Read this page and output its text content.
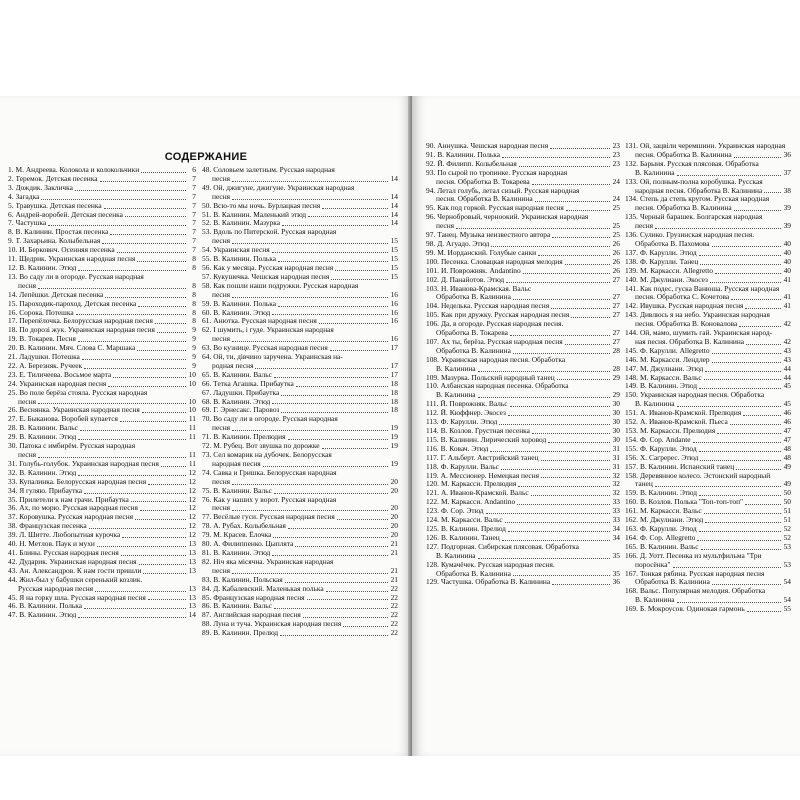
СОДЕРЖАНИЕ
1. М. Андреева. Колокола и колокольчики	6
2. Теремок. Детская песенка	7
3. Дождик. Закличка	7
4. Загадка	7
5. Травушка. Детская песенка	7
6. Андрей-воробей. Детская песенка	7
7. Частушка	7
8. В. Калинин. Простая песенка	7
9. Т. Захарьина. Колыбельная	7
10. И. Берковнч. Осенняя песенка	7
11. Щедрик. Украинская народная песня	8
12. В. Калинин. Этюд	8
13. Во саду ли в огороде. Русская народная
песня	8
14. Лепёшки. Детская песенка	8
15. Пароходик-пароход. Детская песенка	8
16. Сорока. Потешка	8
17. Перепёлочка. Белорусская народная песня	8
18. По дорозі жук. Украинская народная песня	9
19. В. Токарев. Песня	9
20. В. Калинин. Мяч. Слова С. Маршака	9
21. Ладушки. Потешка	9
22. А. Березняк. Ручеек	9
23. Е. Тиличеева. Восьмое марта	10
24. Украинская народная песня	10
25. Во поле берёза стояла. Русская народная
песня	10
26. Веснянка. Украинская народная песня	10
27. Е. Быканова. Воробей купается	11
28. В. Калинин. Вальс	11
29. В. Калинин. Этюд	11
30. Патока с имбирём. Русская народная
песня	11
31. Голубь-голубок. Украинская народная песня	11
32. В. Калинин. Этюд	12
33. Купалинка. Белорусская народная песня	12
34. Я гуляю. Прибаутка	12
35. Прилетели к нам грачи. Прибаутка	12
36. Ах, по морю. Русская народная песня	12
37. Коровушка. Русская народная песня	12
38. Французская песенка	12
39. Л. Шитте. Любопытная курочка	12
40. Н. Метлов. Паук и мухи	13
41. Блины. Русская народная песня	13
42. Дударик. Украинская народная песня	13
43. Ан. Александров. К нам гости пришли	13
44. Жил-был у бабушки серенький козлик.
Русская народная песня	13
45. Я на горку шла. Русская народная песня	13
46. В. Калинин. Полька	13
47. В. Калинин. Этюд	14
48. Соловьем залетным. Русская народная
песня	14
49. Ой, джигуне, джигуне. Украинская народная
песня	14
50. Всю-то мы ночь. Бурлацкая песня	14
51. В. Калинин. Маленький этюд	14
52. В. Калинин. Мазурка	14
53. Вдоль по Питерской. Русская народная
песня	15
54. Украинская песня	15
55. В. Калинин. Полька	15
56. Как у месяца. Русская народная песня	15
57. Кукушечка. Чешская народная песня	15
58. Как пошли наши подружки. Русская народная
песня	16
59. В. Калинин. Полька	16
60. В. Калинин. Этюд	16
61. Анютка. Русская народная песня	16
62. І шумить, і гуде. Украинская народная
песня	16
63. Во кузнице. Русская народная песня	17
64. Ой, ти, дівчино заручена. Украинская на-
родная песня	17
65. В. Калинин. Вальс	17
66. Тетка Агашка. Прибаутка	18
67. Ладушки. Прибаутка	18
68. В. Калинин. Этюд	18
69. Г. Эрнесакс. Паровоз	18
70. Во саду ли в огороде. Русская народная
песня	19
71. В. Калинин. Прелюдия	19
72. М. Рубец. Вот звушка по дорожке	19
73. Сел комарик на дубочек. Белорусская
народная песня	19
74. Савка и Гришка. Белорусская народная
песня	20
75. В. Калинин. Вальс	20
76. Как у наших у ворот. Русская народная
песня	20
77. Весёлые гуси. Русская народная песня	20
78. А. Рубах. Колыбельная	20
79. М. Красев. Ёлочка	20
80. А. Филиппенко. Цыплята	21
81. В. Калинин. Этюд	21
82. Ніч яка місячна. Украинская народная
песня	21
83. В. Калинин. Польская	21
84. Д. Кабалевский. Маленькая полька	22
85. Французская народная песня	22
86. В. Калинин. Вальс	22
87. Английская народная песня	22
88. Луна и туча. Украинская народная песня	22
89. В. Калинин. Прелюд	22
90. Аннушка. Чешская народная песня	23
91. В. Калинин. Полька	23
92. Й. Филипп. Колыбельная	23
93. По сырой по тропинке. Русская народная
песня. Обработка В. Токарева	24
94. Летал голубь, летал сизый. Русская народная
песня. Обработка В. Калинина	24
95. Как под горкой. Русская народная песня	25
96. Чернобровый, черноокий. Украинская народная
песня	25
97. Танец. Музыка неизвестного автора	25
98. Д. Агуадо. Этюд	26
99. М. Иорданский. Голубые санки	26
100. Песенка. Словацкая народная мелодия	26
101. И. Поврожняк. Andantino	26
102. Д. Панайотов. Этюд	27
103. Н. Иванова-Крамская. Вальс
Обработка В. Калинина	27
104. Неделька. Русская народная песня	27
105. Как при дружку. Русская народная песня	27
106. Да, в огороде. Русская народная песня.
Обработка В. Токарева	27
107. Ах ты, берёза. Русская народная песня	27
Обработка В. Калинина	28
108. Украинская народная песня. Обработка
В. Калинина	28
109. Мазурка. Польский народный танец	29
110. Албанская народная песенка. Обработка
В. Калинина	29
111. Й. Поврожняк. Вальс	30
112. Й. Кюффнер. Экосез	30
113. Ф. Карулли. Этюд	30
114. В. Козлов. Грустная песенка	30
115. В. Калинин. Лирический хоровод	30
116. В. Ковач. Этюд	31
117. Г. Альберт. Австрийский танец	31
118. Ф. Карулли. Вальс	31
119. А. Мессионер. Немецкая песня	32
120. М. Каркасси. Прелюдия	32
121. А. Иванов-Крамской. Вальс	32
122. М. Каркасси. Andantino	33
123. Ф. Сор. Этюд	33
124. М. Каркасси. Вальс	33
125. В. Калинин. Прелюд	34
126. В. Калинин. Танец	34
127. Подгорная. Сибирская плясовая. Обработка
В. Калинина	35
128. Кумачёчек. Русская народная песня.
Обработка В. Калинина	35
129. Частушка. Обработка В. Калинина	36
131. Ой, зацвіли черемшини. Украинская народная
песня. Обработка В. Калинина	36
132. Барыня. Русская плясовая. Обработка
В. Калинина	37
133. Ой, полным-полна коробушка. Русская
народная песня. Обработка В. Калинина	38
134. Степь да степь кругом. Русская народная
песня. Обработка В. Калинина	39
135. Черный барашек. Болгарская народная
песня	39
136. Сулико. Грузинская народная песня.
Обработка В. Пахомова	40
137. Ф. Карулли. Этюд	40
138. Ф. Карулли. Танец	40
139. М. Каркасси. Allegretto	40
140. М. Джулиани. Экосез	41
141. Как подес, гуска Ванюша. Русская народная
песня. Обработка С. Кочетова	41
142. Ивушка. Русская народная песня	41
143. Дивлюсь я на небо. Украинская народная
песня. Обработка В. Коновалова	42
144. Ой, мамо, шумить гай. Украинская народ-
ная песня. Обработка В. Калинина	42
145. Ф. Карулли. Allegretto	43
146. М. Каркасси. Лендлер	43
147. М. Джулиани. Этюд	44
148. М. Каркасси. Вальс	44
149. В. Калинин. Этюд	45
150. Украинская народная песня. Обработка
В. Калинина	45
151. А. Иванов-Крамской. Прелюдия	46
152. А. Иванов-Крамской. Пьеса	46
153. М. Каркасси. Прелюдия	47
154. Ф. Сор. Andante	47
155. Ф. Карулли. Этюд	48
156. Х. Сагререс. Этюд	48
157. В. Калинин. Испанский танец	49
158. Деревянное колесо. Эстонский народный
танец	49
159. В. Калинин. Этюд	50
160. В. Козлов. Полька "Топ-топ-топ"	50
161. М. Каркасси. Вальс	51
162. М. Джулиани. Этюд	51
163. Ф. Карулли. Этюд	52
164. Ф. Сор. Allegretto	52
165. В. Калинин. Вальс	53
166. Д. Уотт. Песенка из мультфильма "Три
поросёнка"	53
167. Тонкая рябина. Русская народная песня
Обработка В. Калинина	54
168. Вальс. Популярная мелодия. Обработка
В. Калинина	54
169. Б. Мокроусов. Одинокая гармонь	55
